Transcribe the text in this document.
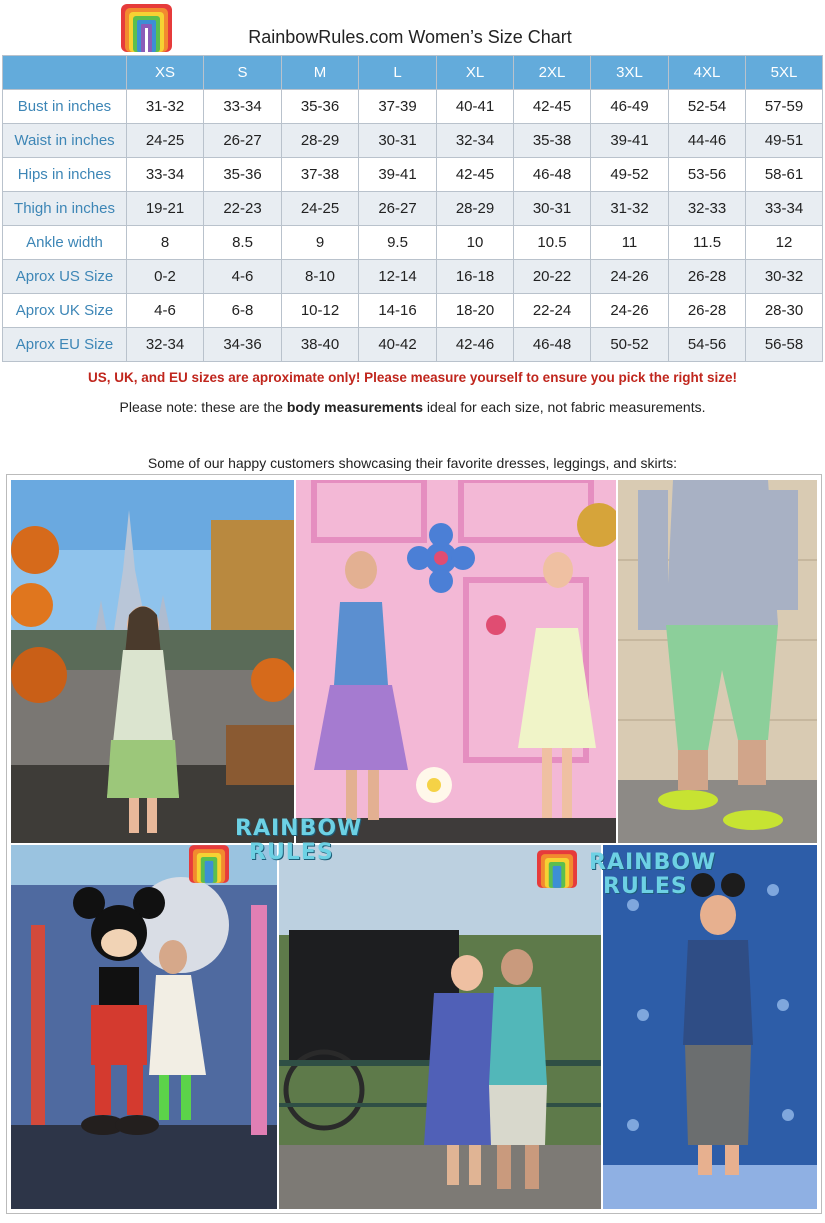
RainbowRules.com Women’s Size Chart
	XS	S	M	L	XL	2XL	3XL	4XL	5XL
Bust in inches	31-32	33-34	35-36	37-39	40-41	42-45	46-49	52-54	57-59
Waist in inches	24-25	26-27	28-29	30-31	32-34	35-38	39-41	44-46	49-51
Hips in inches	33-34	35-36	37-38	39-41	42-45	46-48	49-52	53-56	58-61
Thigh in inches	19-21	22-23	24-25	26-27	28-29	30-31	31-32	32-33	33-34
Ankle width	8	8.5	9	9.5	10	10.5	11	11.5	12
Aprox US Size	0-2	4-6	8-10	12-14	16-18	20-22	24-26	26-28	30-32
Aprox UK Size	4-6	6-8	10-12	14-16	18-20	22-24	24-26	26-28	28-30
Aprox EU Size	32-34	34-36	38-40	40-42	42-46	46-48	50-52	54-56	56-58
US, UK, and EU sizes are aproximate only! Please measure yourself to ensure you pick the right size!
Please note: these are the body measurements ideal for each size, not fabric measurements.
Some of our happy customers showcasing their favorite dresses, leggings, and skirts:
RAINBOW
RULES	RAINBOW
RULES
